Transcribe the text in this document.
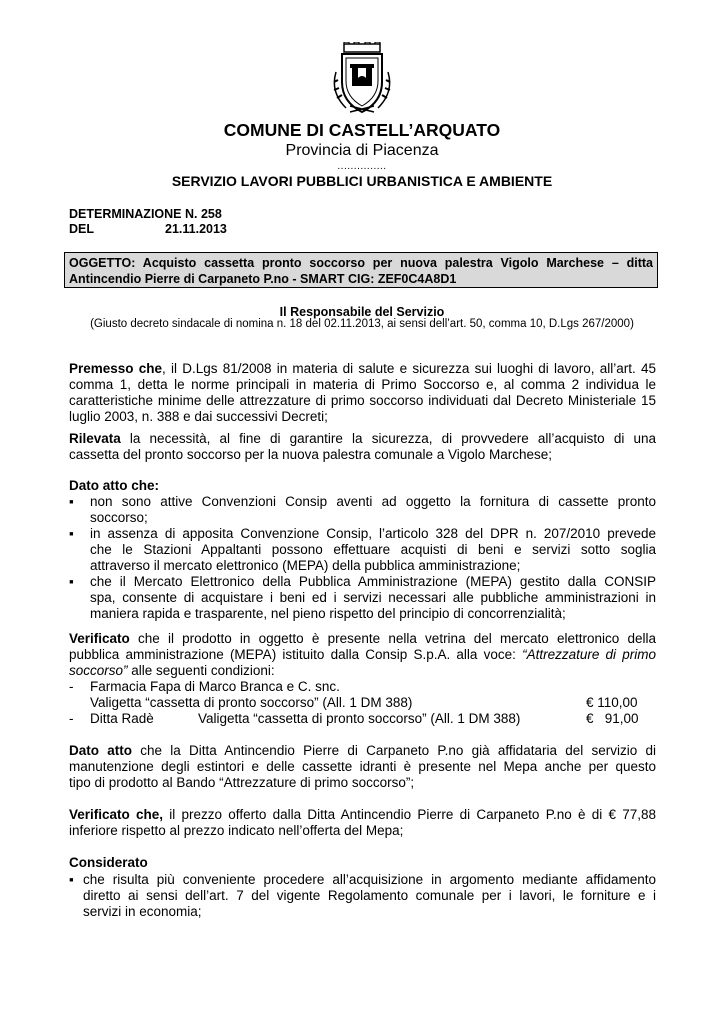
COMUNE DI CASTELL’ARQUATO
Provincia di Piacenza
...............
SERVIZIO LAVORI PUBBLICI URBANISTICA E AMBIENTE
DETERMINAZIONE N. 258
DEL	21.11.2013
OGGETTO: Acquisto cassetta pronto soccorso per nuova palestra Vigolo Marchese – ditta
Antincendio Pierre di Carpaneto P.no - SMART CIG: ZEF0C4A8D1
Il Responsabile del Servizio
(Giusto decreto sindacale di nomina n. 18 del 02.11.2013, ai sensi dell’art. 50, comma 10, D.Lgs 267/2000)
Premesso che, il D.Lgs 81/2008 in materia di salute e sicurezza sui luoghi di lavoro, all’art. 45
comma 1, detta le norme principali in materia di Primo Soccorso e, al comma 2 individua le
caratteristiche minime delle attrezzature di primo soccorso individuati dal Decreto Ministeriale 15
luglio 2003, n. 388 e dai successivi Decreti;
Rilevata la necessità, al fine di garantire la sicurezza, di provvedere all’acquisto di una
cassetta del pronto soccorso per la nuova palestra comunale a Vigolo Marchese;
Dato atto che:
▪ non sono attive Convenzioni Consip aventi ad oggetto la fornitura di cassette pronto
soccorso;
▪ in assenza di apposita Convenzione Consip, l’articolo 328 del DPR n. 207/2010 prevede
che le Stazioni Appaltanti possono effettuare acquisti di beni e servizi sotto soglia
attraverso il mercato elettronico (MEPA) della pubblica amministrazione;
▪ che il Mercato Elettronico della Pubblica Amministrazione (MEPA) gestito dalla CONSIP
spa, consente di acquistare i beni ed i servizi necessari alle pubbliche amministrazioni in
maniera rapida e trasparente, nel pieno rispetto del principio di concorrenzialità;
Verificato che il prodotto in oggetto è presente nella vetrina del mercato elettronico della
pubblica amministrazione (MEPA) istituito dalla Consip S.p.A. alla voce: “Attrezzature di primo
soccorso” alle seguenti condizioni:
- Farmacia Fapa di Marco Branca e C. snc.
Valigetta “cassetta di pronto soccorso” (All. 1 DM 388)	€ 110,00
- Ditta Radè	Valigetta “cassetta di pronto soccorso” (All. 1 DM 388)	€   91,00
Dato atto che la Ditta Antincendio Pierre di Carpaneto P.no già affidataria del servizio di
manutenzione degli estintori e delle cassette idranti è presente nel Mepa anche per questo
tipo di prodotto al Bando “Attrezzature di primo soccorso”;
Verificato che, il prezzo offerto dalla Ditta Antincendio Pierre di Carpaneto P.no è di € 77,88
inferiore rispetto al prezzo indicato nell’offerta del Mepa;
Considerato
▪ che risulta più conveniente procedere all’acquisizione in argomento mediante affidamento
diretto ai sensi dell’art. 7 del vigente Regolamento comunale per i lavori, le forniture e i
servizi in economia;
